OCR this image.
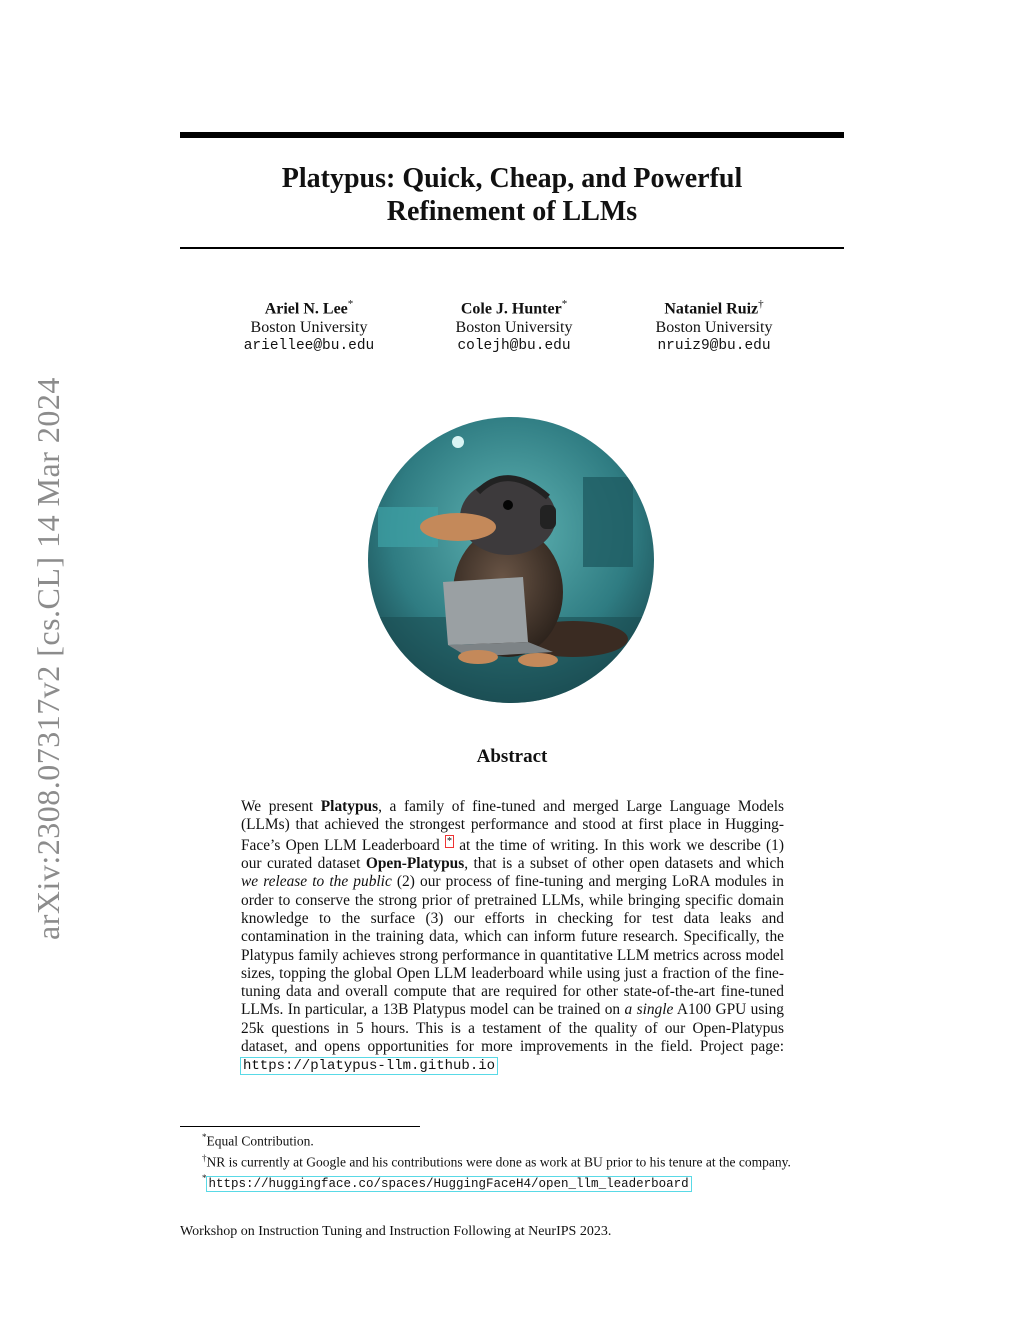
arXiv:2308.07317v2 [cs.CL] 14 Mar 2024
Platypus: Quick, Cheap, and Powerful
Refinement of LLMs
Ariel N. Lee*
Boston University
ariellee@bu.edu
Cole J. Hunter*
Boston University
colejh@bu.edu
Nataniel Ruiz†
Boston University
nruiz9@bu.edu
Abstract
We present Platypus, a family of fine-tuned and merged Large Language Models (LLMs) that achieved the strongest performance and stood at first place in Hugging-Face’s Open LLM Leaderboard * at the time of writing. In this work we describe (1) our curated dataset Open-Platypus, that is a subset of other open datasets and which we release to the public (2) our process of fine-tuning and merging LoRA modules in order to conserve the strong prior of pretrained LLMs, while bringing specific domain knowledge to the surface (3) our efforts in checking for test data leaks and contamination in the training data, which can inform future research. Specifically, the Platypus family achieves strong performance in quantitative LLM metrics across model sizes, topping the global Open LLM leaderboard while using just a fraction of the fine-tuning data and overall compute that are required for other state-of-the-art fine-tuned LLMs. In particular, a 13B Platypus model can be trained on a single A100 GPU using 25k questions in 5 hours. This is a testament of the quality of our Open-Platypus dataset, and opens opportunities for more improvements in the field. Project page: https://platypus-llm.github.io
*Equal Contribution.
†NR is currently at Google and his contributions were done as work at BU prior to his tenure at the company.
* https://huggingface.co/spaces/HuggingFaceH4/open_llm_leaderboard
Workshop on Instruction Tuning and Instruction Following at NeurIPS 2023.
